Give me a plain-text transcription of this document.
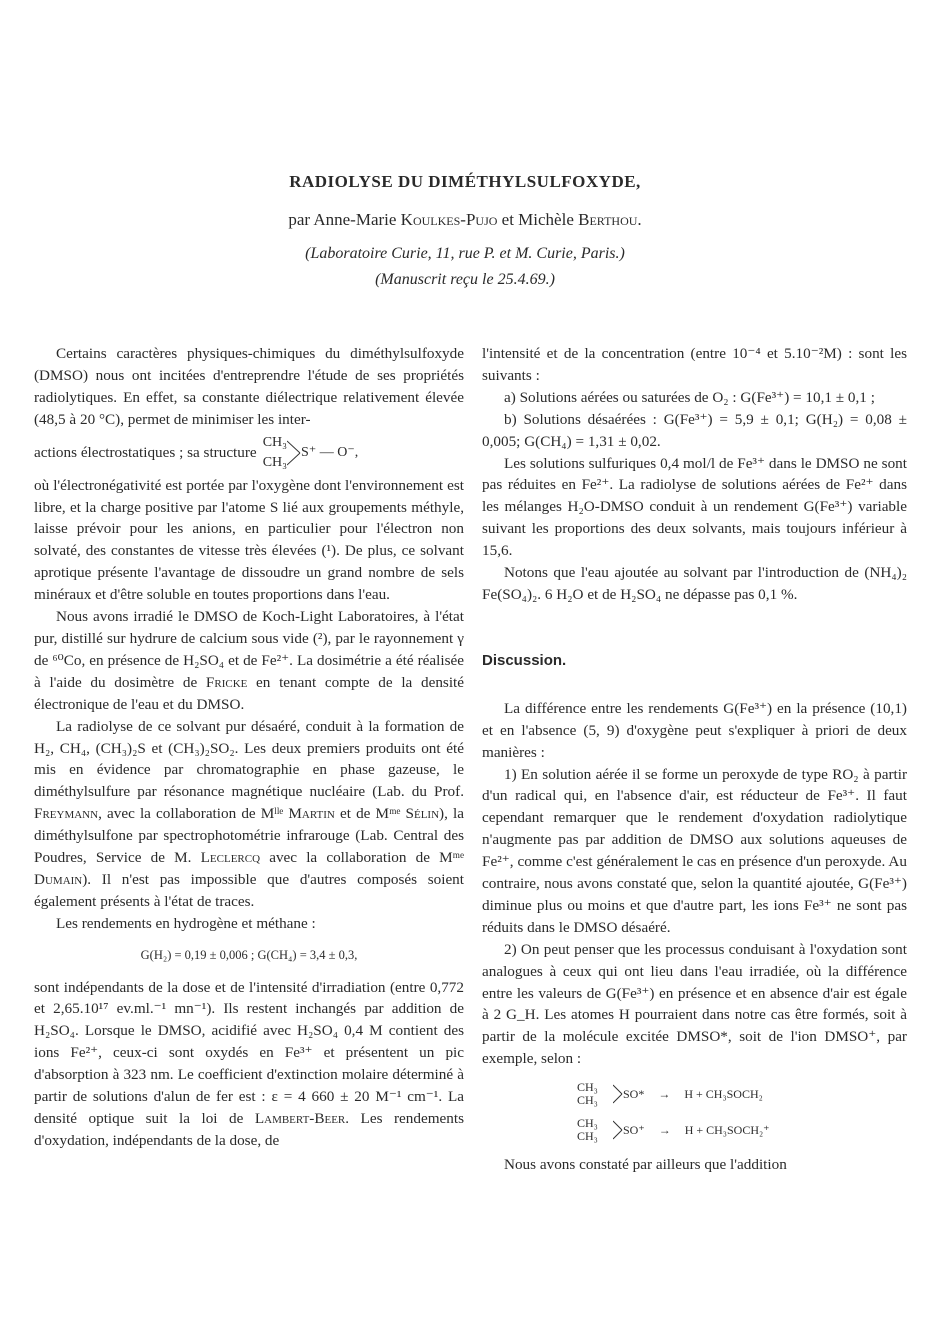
RADIOLYSE DU DIMÉTHYLSULFOXYDE,
par Anne-Marie Koulkes-Pujo et Michèle Berthou.
(Laboratoire Curie, 11, rue P. et M. Curie, Paris.)
(Manuscrit reçu le 25.4.69.)

Certains caractères physiques-chimiques du diméthylsulfoxyde (DMSO) nous ont incitées d'entreprendre l'étude de ses propriétés radiolytiques. En effet, sa constante diélectrique relativement élevée (48,5 à 20 °C), permet de minimiser les inter-

actions électrostatiques ; sa structure
CH₃
CH₃
S⁺ — O⁻,

où l'électronégativité est portée par l'oxygène dont l'environnement est libre, et la charge positive par l'atome S lié aux groupements méthyle, laisse prévoir pour les anions, en particulier pour l'électron non solvaté, des constantes de vitesse très élevées (¹). De plus, ce solvant aprotique présente l'avantage de dissoudre un grand nombre de sels minéraux et d'être soluble en toutes proportions dans l'eau.

Nous avons irradié le DMSO de Koch-Light Laboratoires, à l'état pur, distillé sur hydrure de calcium sous vide (²), par le rayonnement γ de ⁶⁰Co, en présence de H₂SO₄ et de Fe²⁺. La dosimétrie a été réalisée à l'aide du dosimètre de Fricke en tenant compte de la densité électronique de l'eau et du DMSO.

La radiolyse de ce solvant pur désaéré, conduit à la formation de H₂, CH₄, (CH₃)₂S et (CH₃)₂SO₂. Les deux premiers produits ont été mis en évidence par chromatographie en phase gazeuse, le diméthylsulfure par résonance magnétique nucléaire (Lab. du Prof. Freymann, avec la collaboration de Mˡˡᵉ Martin et de Mᵐᵉ Sélin), la diméthylsulfone par spectrophotométrie infrarouge (Lab. Central des Poudres, Service de M. Leclercq avec la collaboration de Mᵐᵉ Dumain). Il n'est pas impossible que d'autres composés soient également présents à l'état de traces.

Les rendements en hydrogène et méthane :

G(H₂) = 0,19 ± 0,006 ; G(CH₄) = 3,4 ± 0,3,

sont indépendants de la dose et de l'intensité d'irradiation (entre 0,772 et 2,65.10¹⁷ ev.ml.⁻¹ mn⁻¹). Ils restent inchangés par addition de H₂SO₄. Lorsque le DMSO, acidifié avec H₂SO₄ 0,4 M contient des ions Fe²⁺, ceux-ci sont oxydés en Fe³⁺ et présentent un pic d'absorption à 323 nm. Le coefficient d'extinction molaire déterminé à partir de solutions d'alun de fer est : ε = 4 660 ± 20 M⁻¹ cm⁻¹. La densité optique suit la loi de Lambert-Beer. Les rendements d'oxydation, indépendants de la dose, de

l'intensité et de la concentration (entre 10⁻⁴ et 5.10⁻²M) : sont les suivants :

a) Solutions aérées ou saturées de O₂ : G(Fe³⁺) = 10,1 ± 0,1 ;

b) Solutions désaérées : G(Fe³⁺) = 5,9 ± 0,1; G(H₂) = 0,08 ± 0,005; G(CH₄) = 1,31 ± 0,02.

Les solutions sulfuriques 0,4 mol/l de Fe³⁺ dans le DMSO ne sont pas réduites en Fe²⁺. La radiolyse de solutions aérées de Fe²⁺ dans les mélanges H₂O-DMSO conduit à un rendement G(Fe³⁺) variable suivant les proportions des deux solvants, mais toujours inférieur à 15,6.

Notons que l'eau ajoutée au solvant par l'introduction de (NH₄)₂ Fe(SO₄)₂. 6 H₂O et de H₂SO₄ ne dépasse pas 0,1 %.

Discussion.

La différence entre les rendements G(Fe³⁺) en la présence (10,1) et en l'absence (5, 9) d'oxygène peut s'expliquer à priori de deux manières :

1) En solution aérée il se forme un peroxyde de type RO₂ à partir d'un radical qui, en l'absence d'air, est réducteur de Fe³⁺. Il faut cependant remarquer que le rendement d'oxydation radiolytique n'augmente pas par addition de DMSO aux solutions aqueuses de Fe²⁺, comme c'est généralement le cas en présence d'un peroxyde. Au contraire, nous avons constaté que, selon la quantité ajoutée, G(Fe³⁺) diminue plus ou moins et que d'autre part, les ions Fe³⁺ ne sont pas réduits dans le DMSO désaéré.

2) On peut penser que les processus conduisant à l'oxydation sont analogues à ceux qui ont lieu dans l'eau irradiée, où la différence entre les valeurs de G(Fe³⁺) en présence et en absence d'air est égale à 2 G_H. Les atomes H pourraient dans notre cas être formés, soit à partir de la molécule excitée DMSO*, soit de l'ion DMSO⁺, par exemple, selon :

CH₃
CH₃	SO* → H + CH₃SOCH₂
CH₃
CH₃	SO⁺ → H + CH₃SOCH₂⁺

Nous avons constaté par ailleurs que l'addition
